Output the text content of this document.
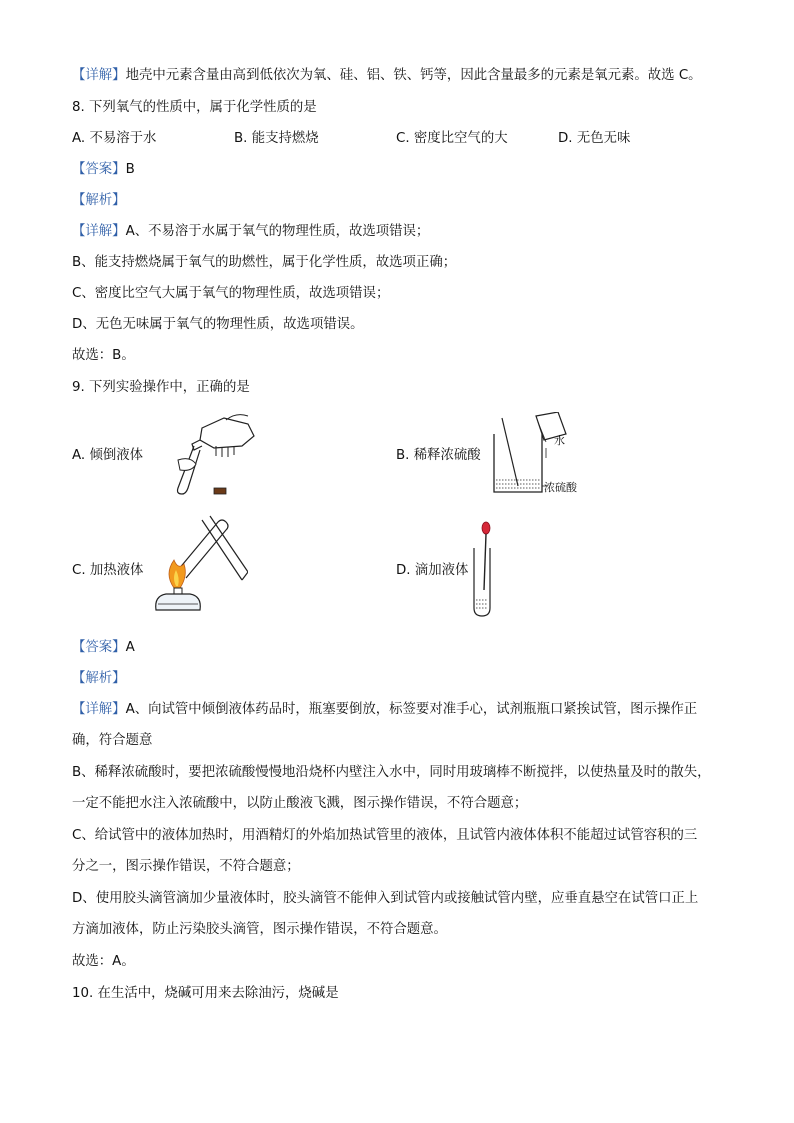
【详解】地壳中元素含量由高到低依次为氧、硅、铝、铁、钙等，因此含量最多的元素是氧元素。故选 C。
8. 下列氧气的性质中，属于化学性质的是
A. 不易溶于水	B. 能支持燃烧	C. 密度比空气的大	D. 无色无味
【答案】B
【解析】
【详解】A、不易溶于水属于氧气的物理性质，故选项错误；
B、能支持燃烧属于氧气的助燃性，属于化学性质，故选项正确；
C、密度比空气大属于氧气的物理性质，故选项错误；
D、无色无味属于氧气的物理性质，故选项错误。
故选：B。
9. 下列实验操作中，正确的是
A. 倾倒液体	B. 稀释浓硫酸
水
浓硫酸
C. 加热液体	D. 滴加液体
【答案】A
【解析】
【详解】A、向试管中倾倒液体药品时，瓶塞要倒放，标签要对准手心，试剂瓶瓶口紧挨试管，图示操作正
确，符合题意
B、稀释浓硫酸时，要把浓硫酸慢慢地沿烧杯内壁注入水中，同时用玻璃棒不断搅拌，以使热量及时的散失，
一定不能把水注入浓硫酸中，以防止酸液飞溅，图示操作错误，不符合题意；
C、给试管中的液体加热时，用酒精灯的外焰加热试管里的液体，且试管内液体体积不能超过试管容积的三
分之一，图示操作错误，不符合题意；
D、使用胶头滴管滴加少量液体时，胶头滴管不能伸入到试管内或接触试管内壁，应垂直悬空在试管口正上
方滴加液体，防止污染胶头滴管，图示操作错误，不符合题意。
故选：A。
10. 在生活中，烧碱可用来去除油污，烧碱是
